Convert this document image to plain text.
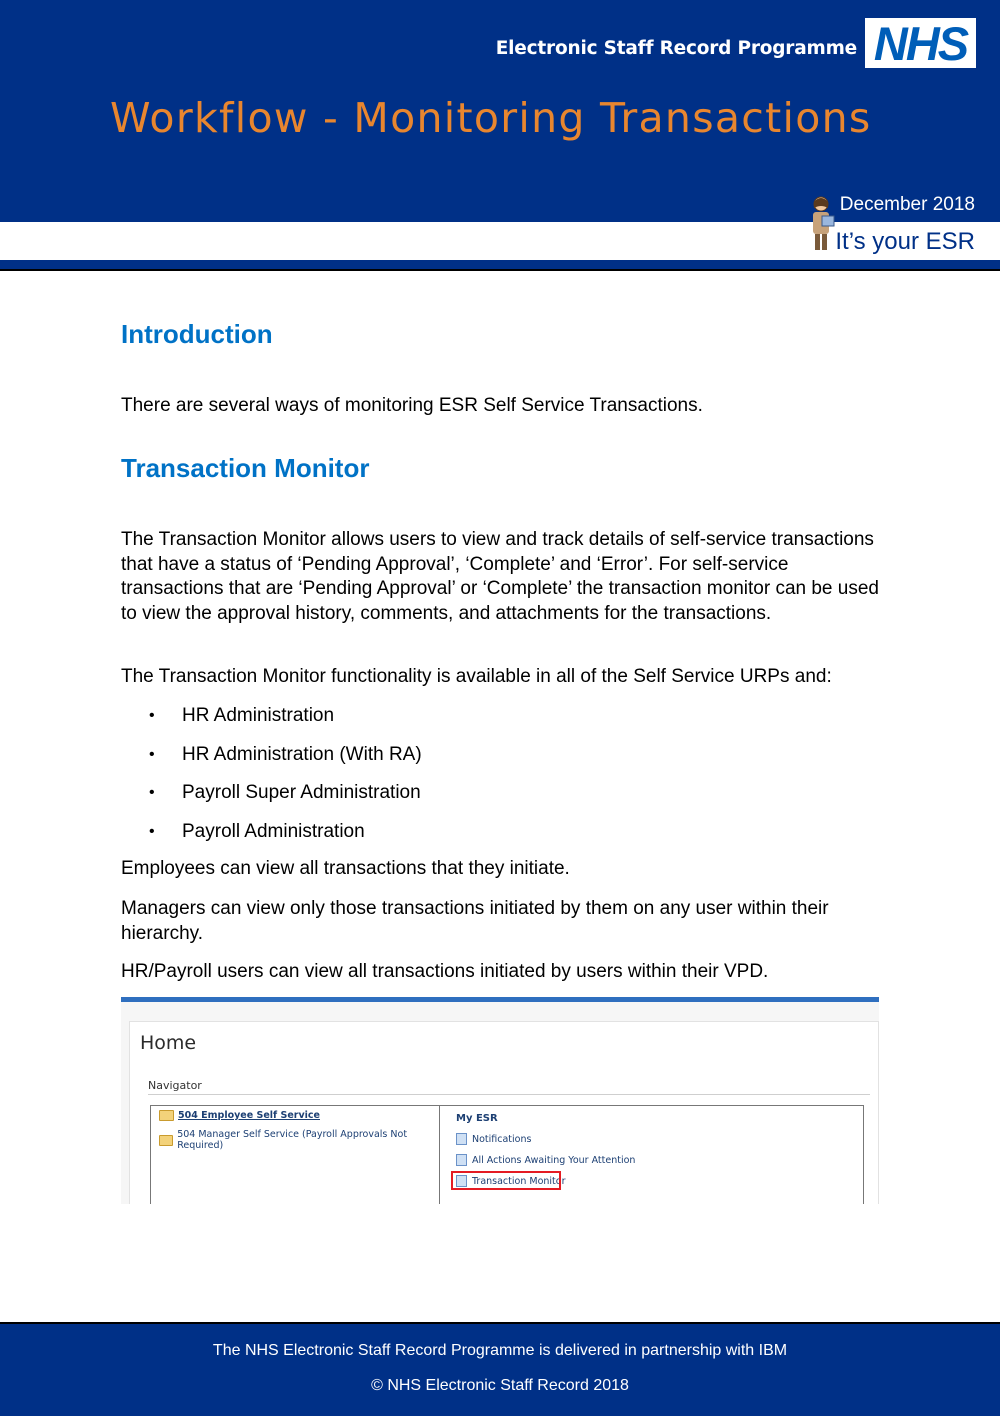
Electronic Staff Record Programme NHS
Workflow - Monitoring Transactions
December 2018
It’s your ESR
Introduction

There are several ways of monitoring ESR Self Service Transactions.

Transaction Monitor

The Transaction Monitor allows users to view and track details of self-service transactions that have a status of ‘Pending Approval’, ‘Complete’ and ‘Error’. For self-service transactions that are ‘Pending Approval’ or ‘Complete’ the transaction monitor can be used to view the approval history, comments, and attachments for the transactions.

The Transaction Monitor functionality is available in all of the Self Service URPs and:

• HR Administration
• HR Administration (With RA)
• Payroll Super Administration
• Payroll Administration

Employees can view all transactions that they initiate.

Managers can view only those transactions initiated by them on any user within their hierarchy.

HR/Payroll users can view all transactions initiated by users within their VPD.

Home
Navigator
504 Employee Self Service
504 Manager Self Service (Payroll Approvals Not Required)
My ESR
Notifications
All Actions Awaiting Your Attention
Transaction Monitor

The NHS Electronic Staff Record Programme is delivered in partnership with IBM

© NHS Electronic Staff Record 2018
